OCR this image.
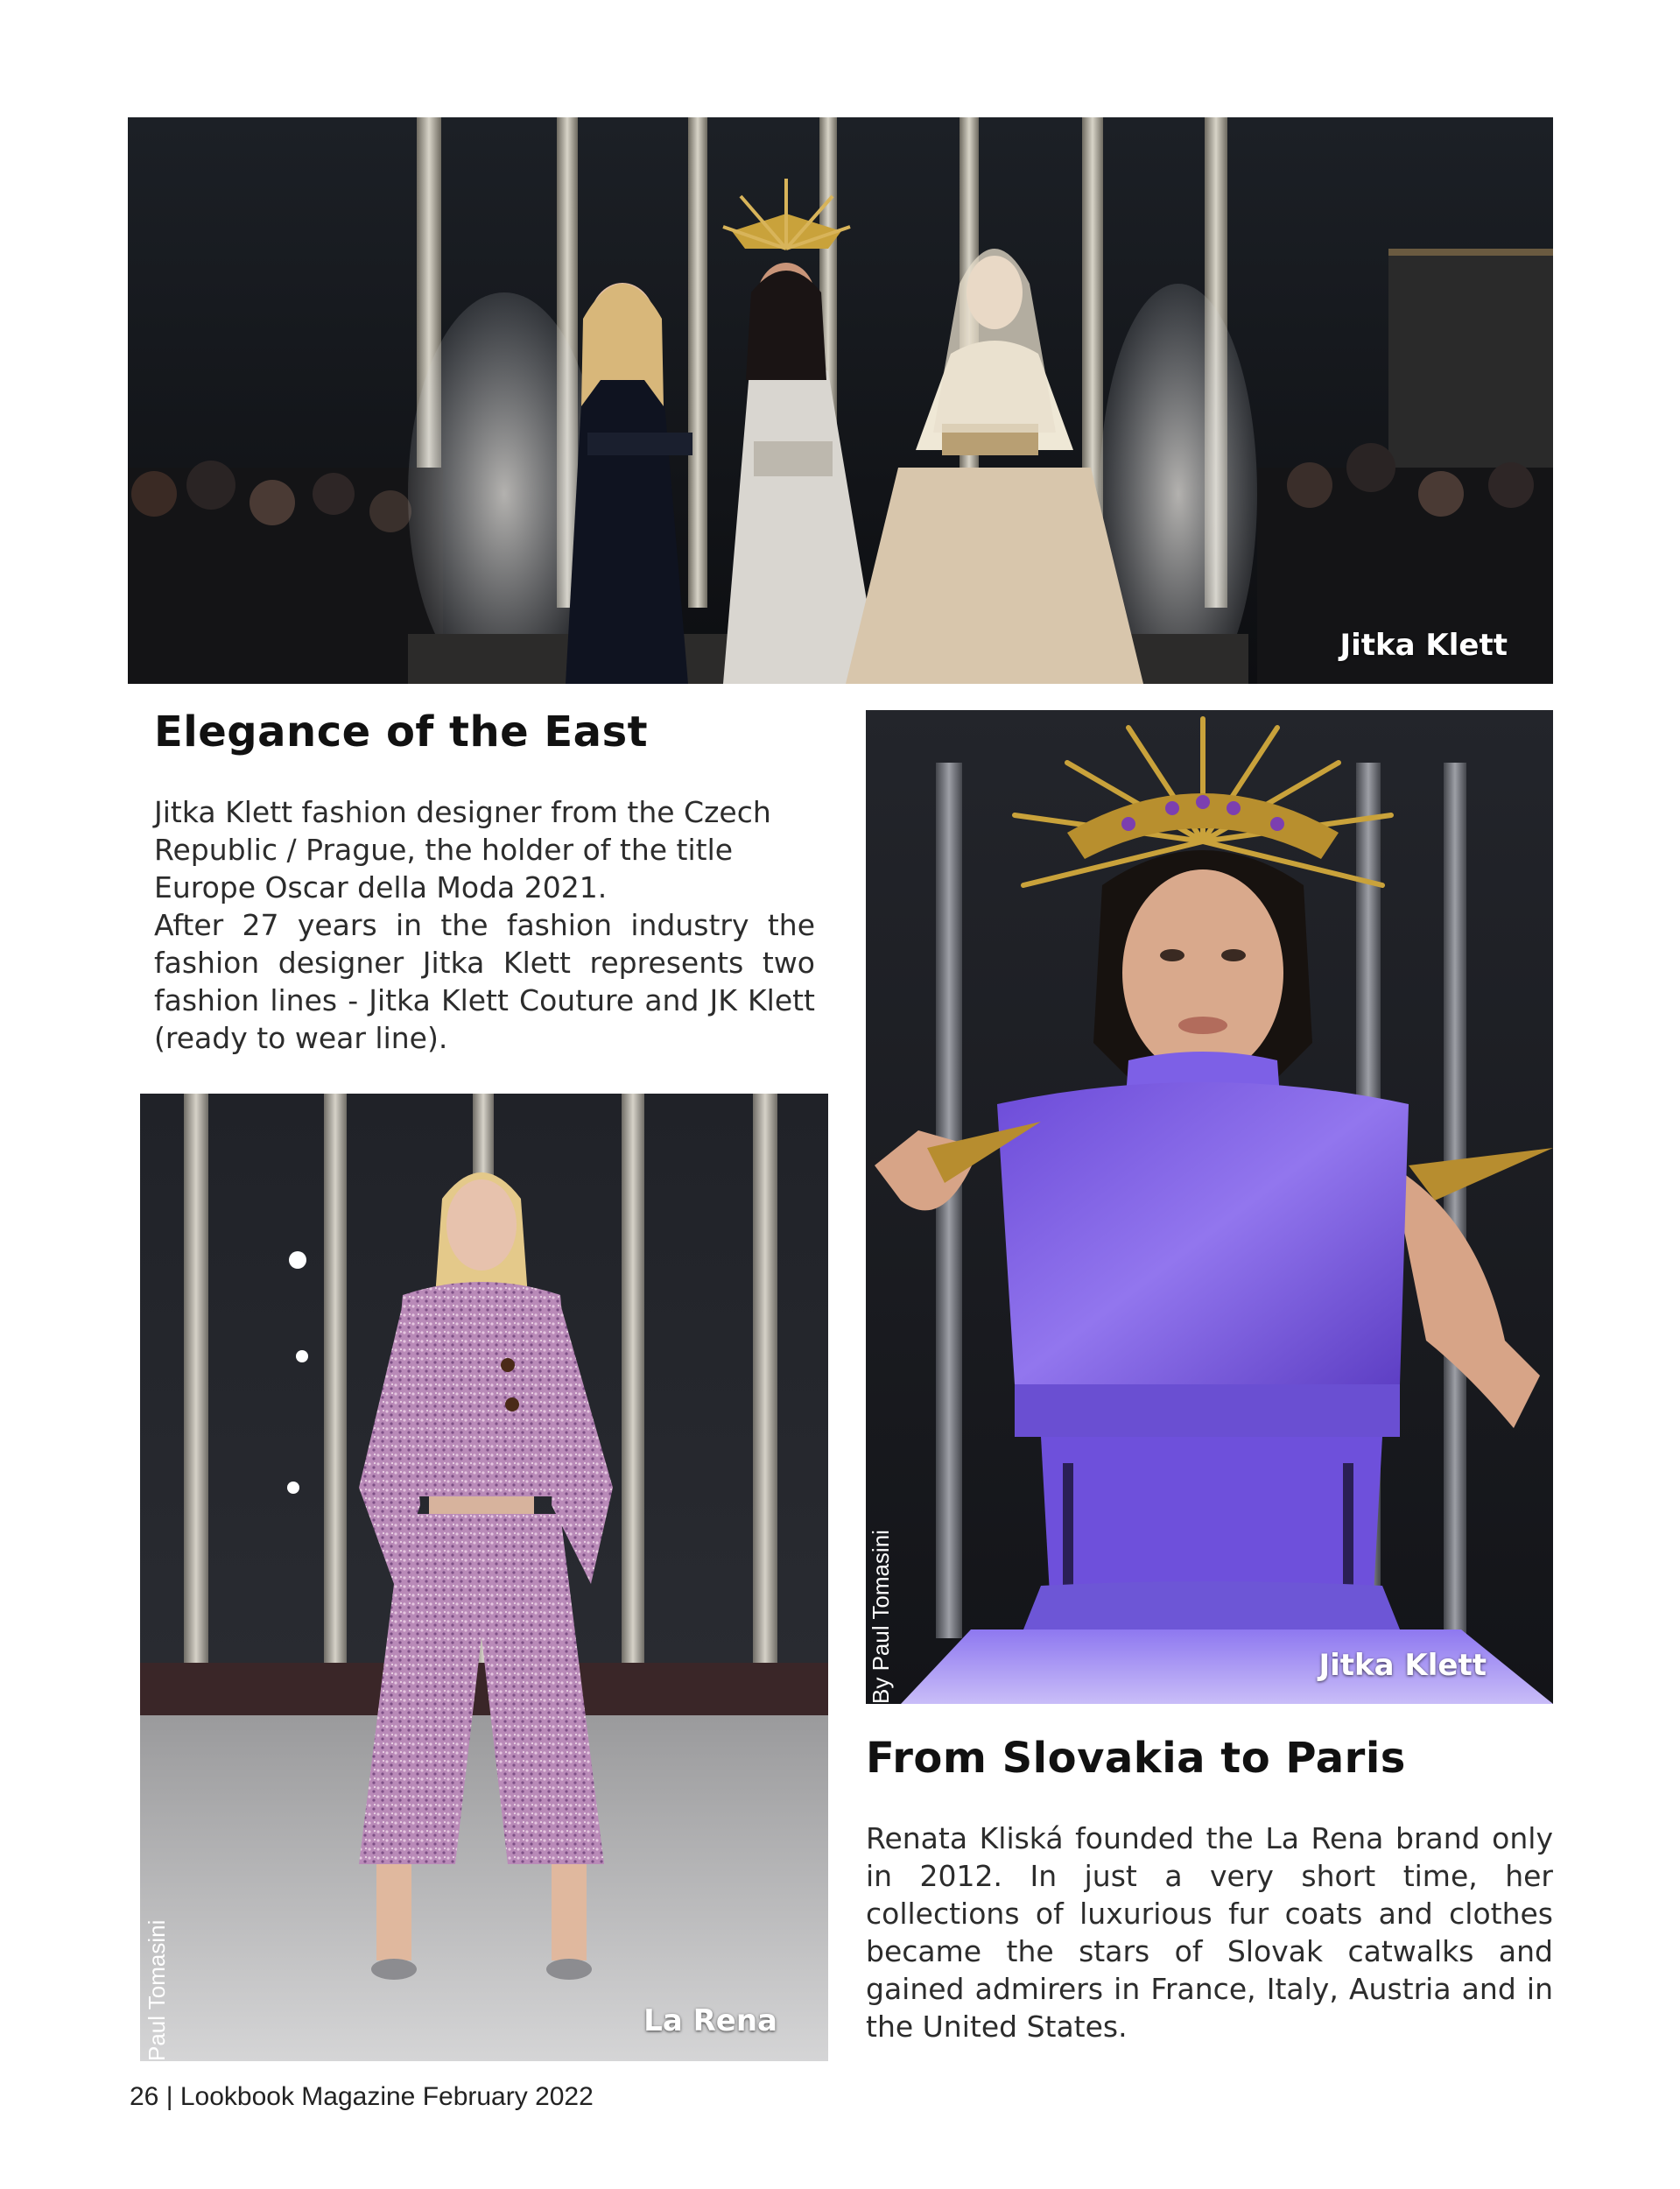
Jitka Klett
Elegance of the East

Jitka Klett fashion designer from the Czech Republic / Prague, the holder of the title Europe Oscar della Moda 2021.

After 27 years in the fashion industry the fashion designer Jitka Klett represents two fashion lines - Jitka Klett Couture and JK Klett (ready to wear line).

Jitka Klett
By Paul Tomasini
La Rena
Paul Tomasini
From Slovakia to Paris

Renata Kliská founded the La Rena brand only in 2012. In just a very short time, her collections of luxurious fur coats and clothes became the stars of Slovak catwalks and gained admirers in France, Italy, Austria and in the United States.

26 | Lookbook Magazine February 2022
